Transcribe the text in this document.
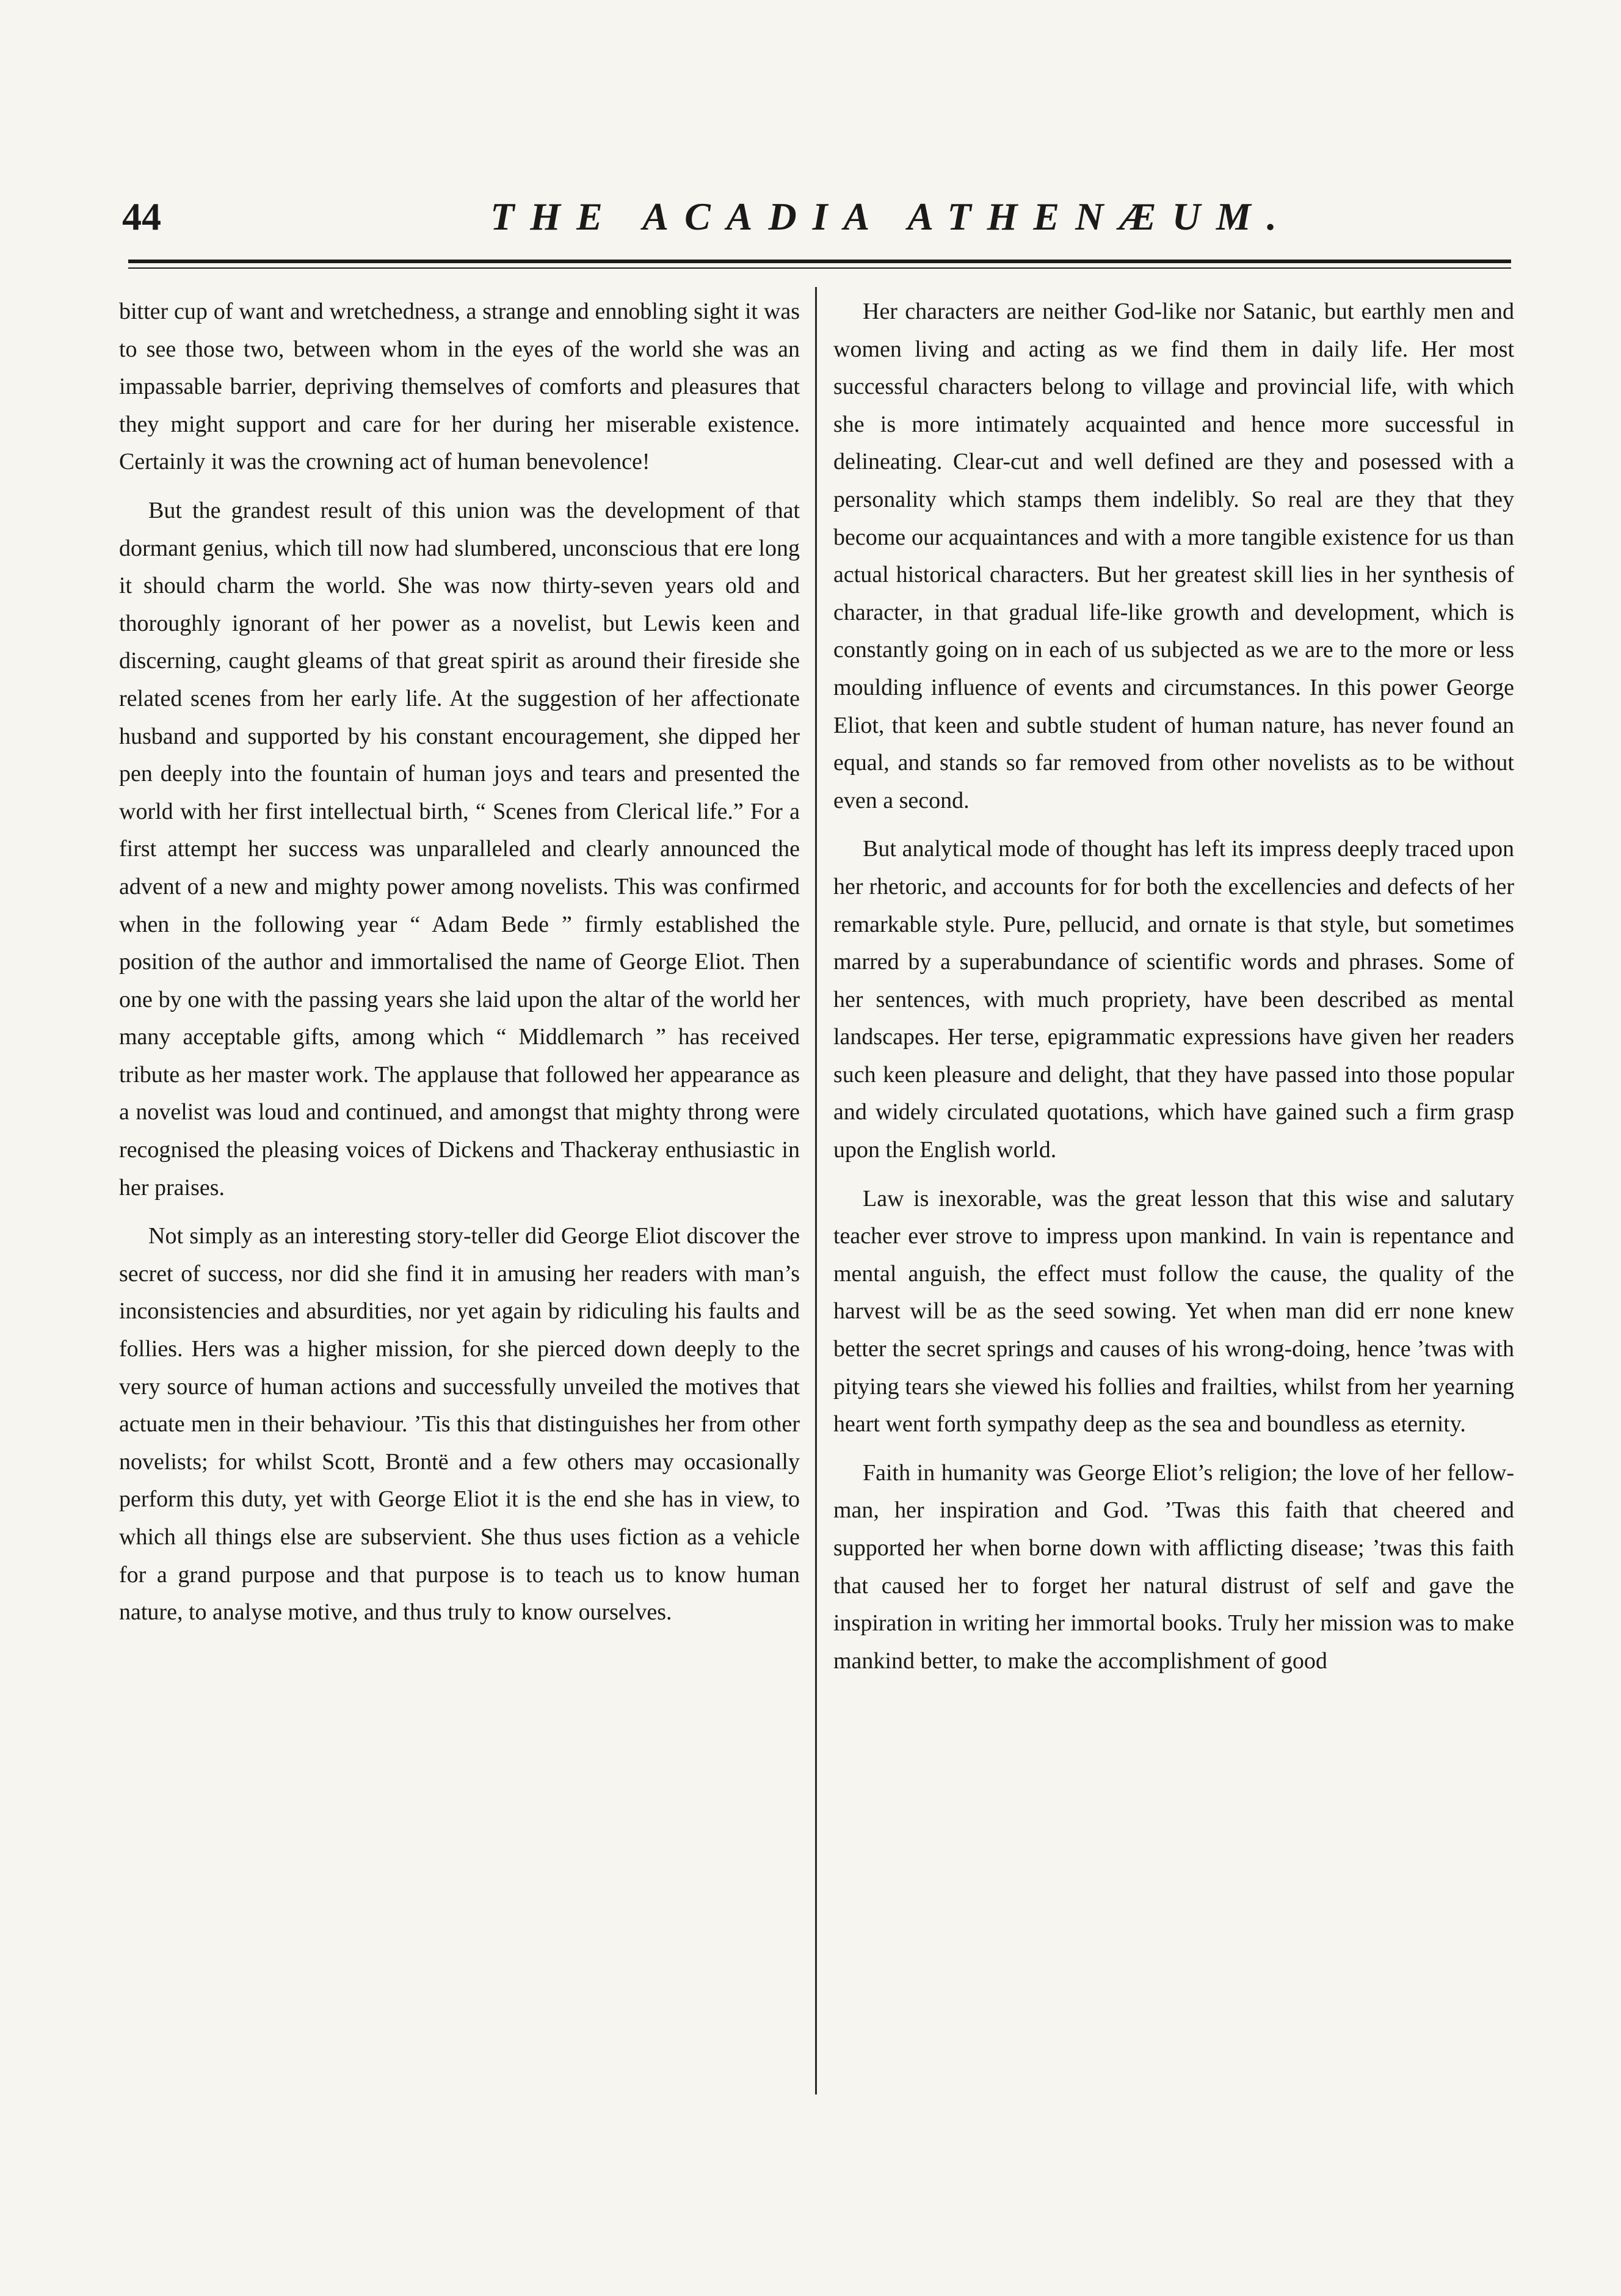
44	THE ACADIA ATHENÆUM.

bitter cup of want and wretchedness, a strange and ennobling sight it was to see those two, between whom in the eyes of the world she was an impassable barrier, depriving themselves of comforts and pleasures that they might support and care for her during her miserable existence. Certainly it was the crowning act of human benevolence!

But the grandest result of this union was the development of that dormant genius, which till now had slumbered, unconscious that ere long it should charm the world. She was now thirty-seven years old and thoroughly ignorant of her power as a novelist, but Lewis keen and discerning, caught gleams of that great spirit as around their fireside she related scenes from her early life. At the suggestion of her affectionate husband and supported by his constant encouragement, she dipped her pen deeply into the fountain of human joys and tears and presented the world with her first intellectual birth, “ Scenes from Clerical life.” For a first attempt her success was unparalleled and clearly announced the advent of a new and mighty power among novelists. This was confirmed when in the following year “ Adam Bede ” firmly established the position of the author and immortalised the name of George Eliot. Then one by one with the passing years she laid upon the altar of the world her many acceptable gifts, among which “ Middlemarch ” has received tribute as her master work. The applause that followed her appearance as a novelist was loud and continued, and amongst that mighty throng were recognised the pleasing voices of Dickens and Thackeray enthusiastic in her praises.

Not simply as an interesting story-teller did George Eliot discover the secret of success, nor did she find it in amusing her readers with man’s inconsistencies and absurdities, nor yet again by ridiculing his faults and follies. Hers was a higher mission, for she pierced down deeply to the very source of human actions and successfully unveiled the motives that actuate men in their behaviour. ’Tis this that distinguishes her from other novelists; for whilst Scott, Brontë and a few others may occasionally perform this duty, yet with George Eliot it is the end she has in view, to which all things else are subservient. She thus uses fiction as a vehicle for a grand purpose and that purpose is to teach us to know human nature, to analyse motive, and thus truly to know ourselves.

Her characters are neither God-like nor Satanic, but earthly men and women living and acting as we find them in daily life. Her most successful characters belong to village and provincial life, with which she is more intimately acquainted and hence more successful in delineating. Clear-cut and well defined are they and posessed with a personality which stamps them indelibly. So real are they that they become our acquaintances and with a more tangible existence for us than actual historical characters. But her greatest skill lies in her synthesis of character, in that gradual life-like growth and development, which is constantly going on in each of us subjected as we are to the more or less moulding influence of events and circumstances. In this power George Eliot, that keen and subtle student of human nature, has never found an equal, and stands so far removed from other novelists as to be without even a second.

But analytical mode of thought has left its impress deeply traced upon her rhetoric, and accounts for for both the excellencies and defects of her remarkable style. Pure, pellucid, and ornate is that style, but sometimes marred by a superabundance of scientific words and phrases. Some of her sentences, with much propriety, have been described as mental landscapes. Her terse, epigrammatic expressions have given her readers such keen pleasure and delight, that they have passed into those popular and widely circulated quotations, which have gained such a firm grasp upon the English world.

Law is inexorable, was the great lesson that this wise and salutary teacher ever strove to impress upon mankind. In vain is repentance and mental anguish, the effect must follow the cause, the quality of the harvest will be as the seed sowing. Yet when man did err none knew better the secret springs and causes of his wrong-doing, hence ’twas with pitying tears she viewed his follies and frailties, whilst from her yearning heart went forth sympathy deep as the sea and boundless as eternity.

Faith in humanity was George Eliot’s religion; the love of her fellow-man, her inspiration and God. ’Twas this faith that cheered and supported her when borne down with afflicting disease; ’twas this faith that caused her to forget her natural distrust of self and gave the inspiration in writing her immortal books. Truly her mission was to make mankind better, to make the accomplishment of good
